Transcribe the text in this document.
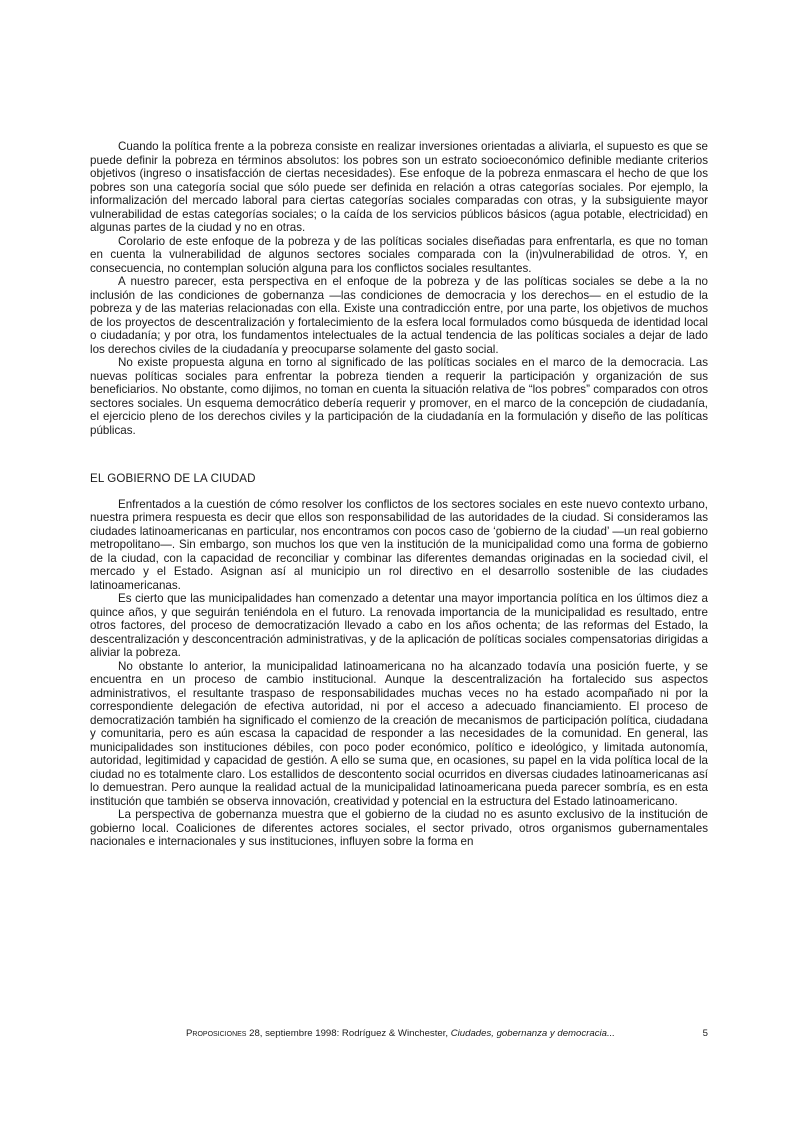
Cuando la política frente a la pobreza consiste en realizar inversiones orientadas a aliviarla, el supuesto es que se puede definir la pobreza en términos absolutos: los pobres son un estrato socioeconómico definible mediante criterios objetivos (ingreso o insatisfacción de ciertas necesidades). Ese enfoque de la pobreza enmascara el hecho de que los pobres son una categoría social que sólo puede ser definida en relación a otras categorías sociales. Por ejemplo, la informalización del mercado laboral para ciertas categorías sociales comparadas con otras, y la subsiguiente mayor vulnerabilidad de estas categorías sociales; o la caída de los servicios públicos básicos (agua potable, electricidad) en algunas partes de la ciudad y no en otras.

Corolario de este enfoque de la pobreza y de las políticas sociales diseñadas para enfrentarla, es que no toman en cuenta la vulnerabilidad de algunos sectores sociales comparada con la (in)vulnerabilidad de otros. Y, en consecuencia, no contemplan solución alguna para los conflictos sociales resultantes.

A nuestro parecer, esta perspectiva en el enfoque de la pobreza y de las políticas sociales se debe a la no inclusión de las condiciones de gobernanza —las condiciones de democracia y los derechos— en el estudio de la pobreza y de las materias relacionadas con ella. Existe una contradicción entre, por una parte, los objetivos de muchos de los proyectos de descentralización y fortalecimiento de la esfera local formulados como búsqueda de identidad local o ciudadanía; y por otra, los fundamentos intelectuales de la actual tendencia de las políticas sociales a dejar de lado los derechos civiles de la ciudadanía y preocuparse solamente del gasto social.

No existe propuesta alguna en torno al significado de las políticas sociales en el marco de la democracia. Las nuevas políticas sociales para enfrentar la pobreza tienden a requerir la participación y organización de sus beneficiarios. No obstante, como dijimos, no toman en cuenta la situación relativa de “los pobres” comparados con otros sectores sociales. Un esquema democrático debería requerir y promover, en el marco de la concepción de ciudadanía, el ejercicio pleno de los derechos civiles y la participación de la ciudadanía en la formulación y diseño de las políticas públicas.

EL GOBIERNO DE LA CIUDAD

Enfrentados a la cuestión de cómo resolver los conflictos de los sectores sociales en este nuevo contexto urbano, nuestra primera respuesta es decir que ellos son responsabilidad de las autoridades de la ciudad. Si consideramos las ciudades latinoamericanas en particular, nos encontramos con pocos caso de ‘gobierno de la ciudad’ —un real gobierno metropolitano—. Sin embargo, son muchos los que ven la institución de la municipalidad como una forma de gobierno de la ciudad, con la capacidad de reconciliar y combinar las diferentes demandas originadas en la sociedad civil, el mercado y el Estado. Asignan así al municipio un rol directivo en el desarrollo sostenible de las ciudades latinoamericanas.

Es cierto que las municipalidades han comenzado a detentar una mayor importancia política en los últimos diez a quince años, y que seguirán teniéndola en el futuro. La renovada importancia de la municipalidad es resultado, entre otros factores, del proceso de democratización llevado a cabo en los años ochenta; de las reformas del Estado, la descentralización y desconcentración administrativas, y de la aplicación de políticas sociales compensatorias dirigidas a aliviar la pobreza.

No obstante lo anterior, la municipalidad latinoamericana no ha alcanzado todavía una posición fuerte, y se encuentra en un proceso de cambio institucional. Aunque la descentralización ha fortalecido sus aspectos administrativos, el resultante traspaso de responsabilidades muchas veces no ha estado acompañado ni por la correspondiente delegación de efectiva autoridad, ni por el acceso a adecuado financiamiento. El proceso de democratización también ha significado el comienzo de la creación de mecanismos de participación política, ciudadana y comunitaria, pero es aún escasa la capacidad de responder a las necesidades de la comunidad. En general, las municipalidades son instituciones débiles, con poco poder económico, político e ideológico, y limitada autonomía, autoridad, legitimidad y capacidad de gestión. A ello se suma que, en ocasiones, su papel en la vida política local de la ciudad no es totalmente claro. Los estallidos de descontento social ocurridos en diversas ciudades latinoamericanas así lo demuestran. Pero aunque la realidad actual de la municipalidad latinoamericana pueda parecer sombría, es en esta institución que también se observa innovación, creatividad y potencial en la estructura del Estado latinoamericano.

La perspectiva de gobernanza muestra que el gobierno de la ciudad no es asunto exclusivo de la institución de gobierno local. Coaliciones de diferentes actores sociales, el sector privado, otros organismos gubernamentales nacionales e internacionales y sus instituciones, influyen sobre la forma en

Proposiciones 28, septiembre 1998: Rodríguez & Winchester, Ciudades, gobernanza y democracia...	5
